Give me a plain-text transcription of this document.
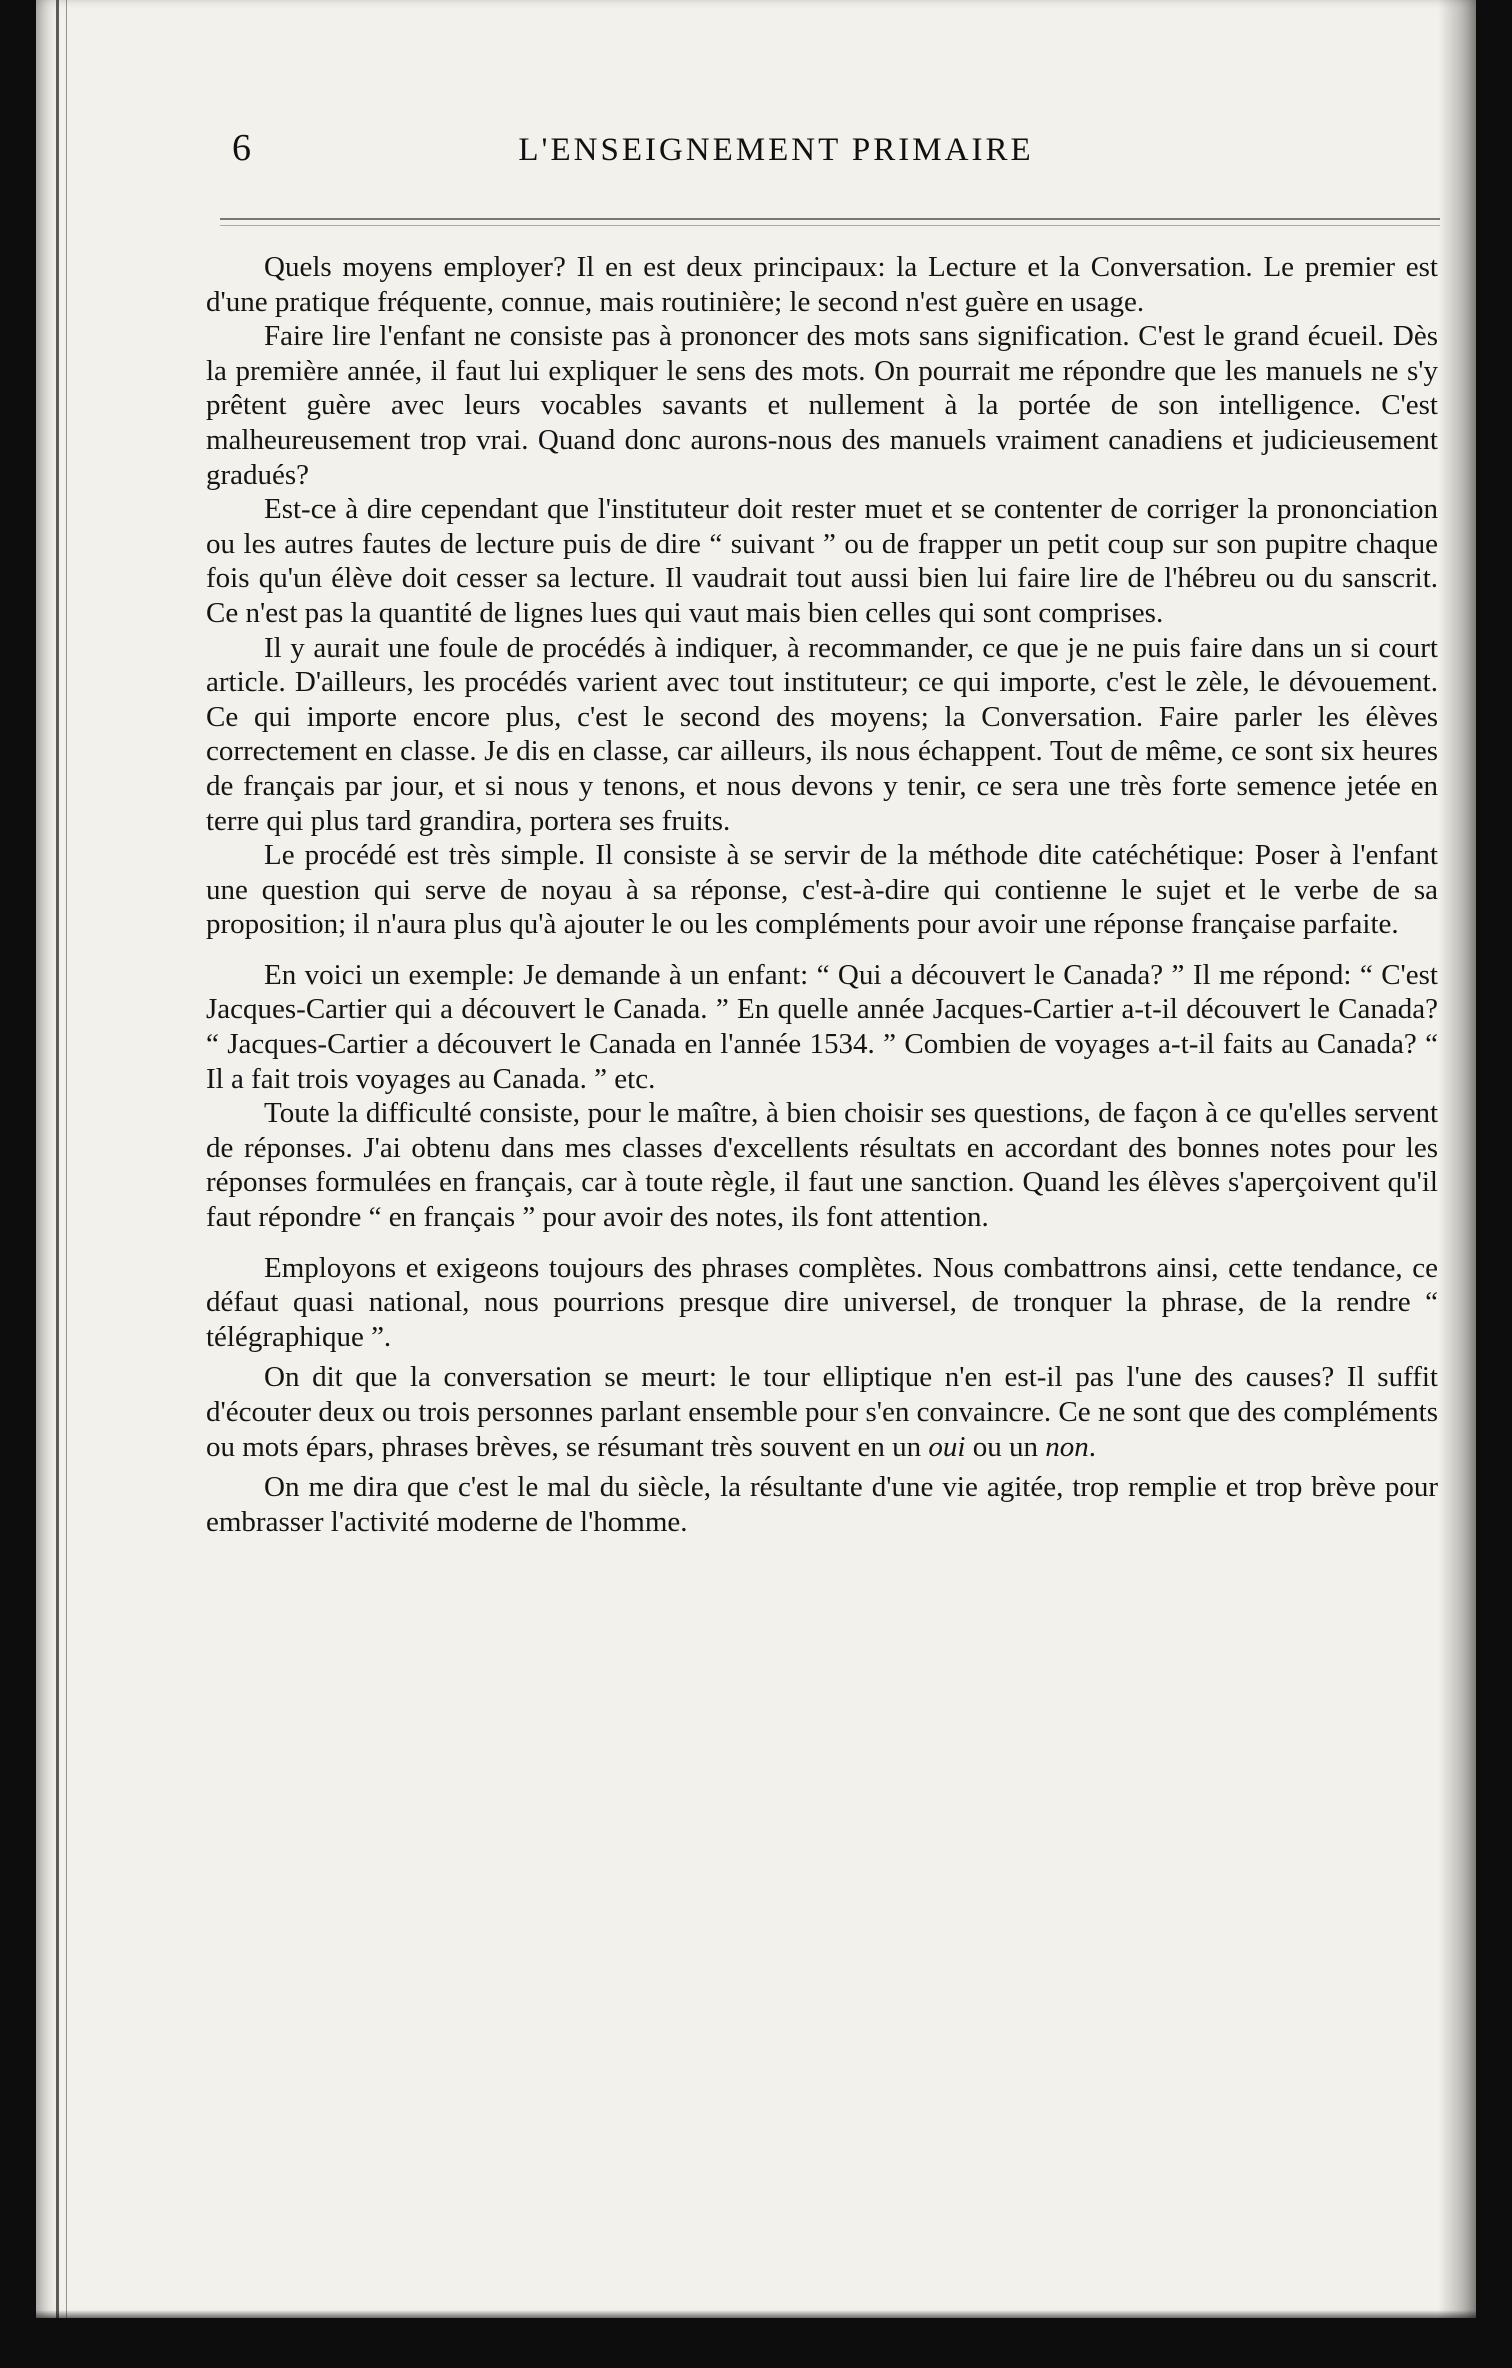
6	L'ENSEIGNEMENT PRIMAIRE

Quels moyens employer? Il en est deux principaux: la Lecture et la Conversation. Le premier est d'une pratique fréquente, connue, mais routinière; le second n'est guère en usage.

Faire lire l'enfant ne consiste pas à prononcer des mots sans signification. C'est le grand écueil. Dès la première année, il faut lui expliquer le sens des mots. On pourrait me répondre que les manuels ne s'y prêtent guère avec leurs vocables savants et nullement à la portée de son intelligence. C'est malheureusement trop vrai. Quand donc aurons-nous des manuels vraiment canadiens et judicieusement gradués?

Est-ce à dire cependant que l'instituteur doit rester muet et se contenter de corriger la prononciation ou les autres fautes de lecture puis de dire “ suivant ” ou de frapper un petit coup sur son pupitre chaque fois qu'un élève doit cesser sa lecture. Il vaudrait tout aussi bien lui faire lire de l'hébreu ou du sanscrit. Ce n'est pas la quantité de lignes lues qui vaut mais bien celles qui sont comprises.

Il y aurait une foule de procédés à indiquer, à recommander, ce que je ne puis faire dans un si court article. D'ailleurs, les procédés varient avec tout instituteur; ce qui importe, c'est le zèle, le dévouement. Ce qui importe encore plus, c'est le second des moyens; la Conversation. Faire parler les élèves correctement en classe. Je dis en classe, car ailleurs, ils nous échappent. Tout de même, ce sont six heures de français par jour, et si nous y tenons, et nous devons y tenir, ce sera une très forte semence jetée en terre qui plus tard grandira, portera ses fruits.

Le procédé est très simple. Il consiste à se servir de la méthode dite catéchétique: Poser à l'enfant une question qui serve de noyau à sa réponse, c'est-à-dire qui contienne le sujet et le verbe de sa proposition; il n'aura plus qu'à ajouter le ou les compléments pour avoir une réponse française parfaite.

En voici un exemple: Je demande à un enfant: “ Qui a découvert le Canada? ” Il me répond: “ C'est Jacques-Cartier qui a découvert le Canada. ” En quelle année Jacques-Cartier a-t-il découvert le Canada? “ Jacques-Cartier a découvert le Canada en l'année 1534. ” Combien de voyages a-t-il faits au Canada? “ Il a fait trois voyages au Canada. ” etc.

Toute la difficulté consiste, pour le maître, à bien choisir ses questions, de façon à ce qu'elles servent de réponses. J'ai obtenu dans mes classes d'excellents résultats en accordant des bonnes notes pour les réponses formulées en français, car à toute règle, il faut une sanction. Quand les élèves s'aperçoivent qu'il faut répondre “ en français ” pour avoir des notes, ils font attention.

Employons et exigeons toujours des phrases complètes. Nous combattrons ainsi, cette tendance, ce défaut quasi national, nous pourrions presque dire universel, de tronquer la phrase, de la rendre “ télégraphique ”.

On dit que la conversation se meurt: le tour elliptique n'en est-il pas l'une des causes? Il suffit d'écouter deux ou trois personnes parlant ensemble pour s'en convaincre. Ce ne sont que des compléments ou mots épars, phrases brèves, se résumant très souvent en un oui ou un non.

On me dira que c'est le mal du siècle, la résultante d'une vie agitée, trop remplie et trop brève pour embrasser l'activité moderne de l'homme.
